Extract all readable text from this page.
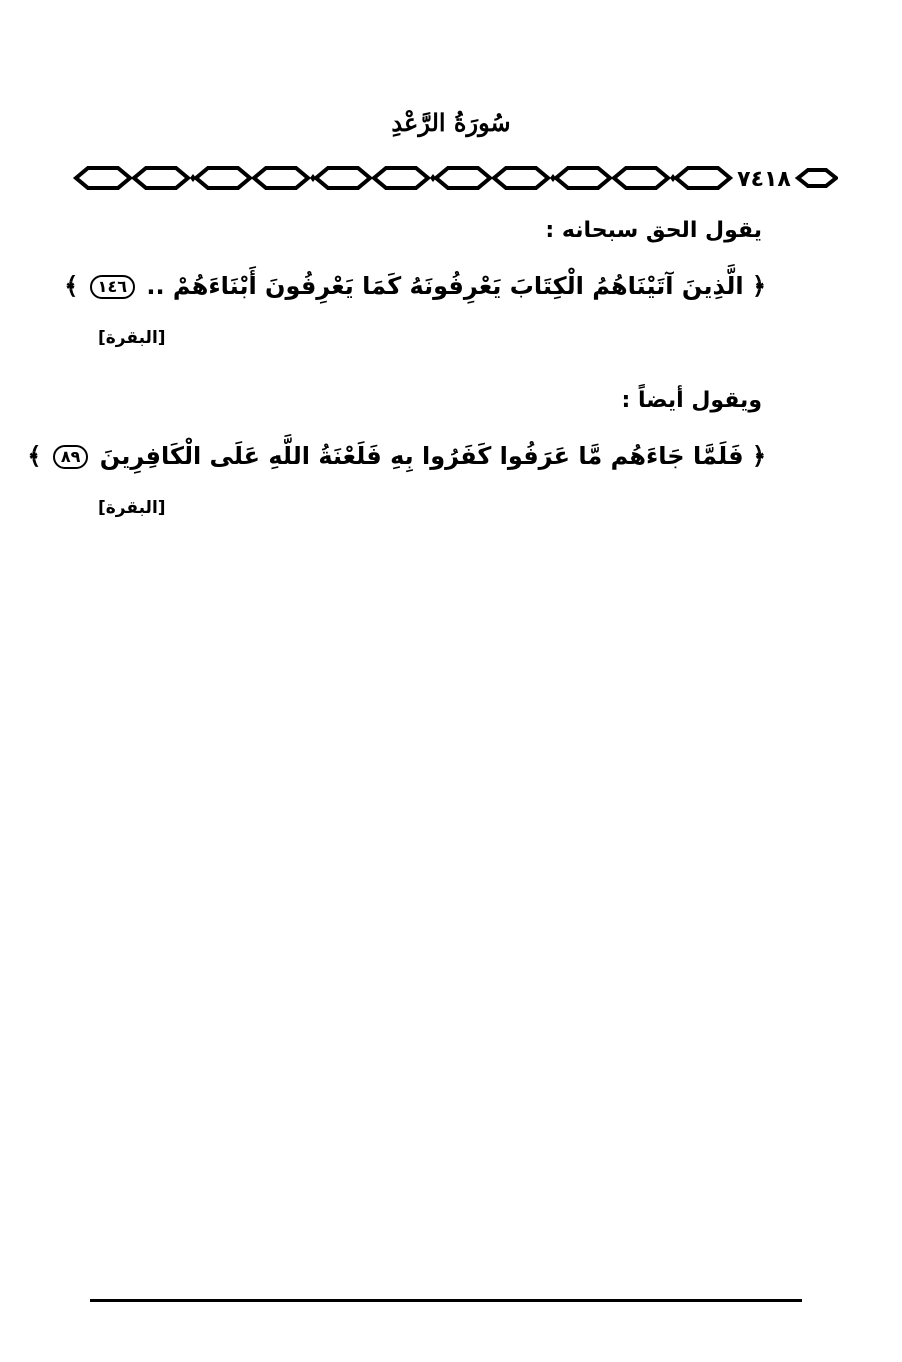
سُورَةُ الرَّعْدِ
٧٤١٨
يقول الحق سبحانه :
﴿ الَّذِينَ آتَيْنَاهُمُ الْكِتَابَ يَعْرِفُونَهُ كَمَا يَعْرِفُونَ أَبْنَاءَهُمْ .. ١٤٦ ﴾
[البقرة]
ويقول أيضاً :
﴿ فَلَمَّا جَاءَهُم مَّا عَرَفُوا كَفَرُوا بِهِ فَلَعْنَةُ اللَّهِ عَلَى الْكَافِرِينَ ٨٩ ﴾
[البقرة]
